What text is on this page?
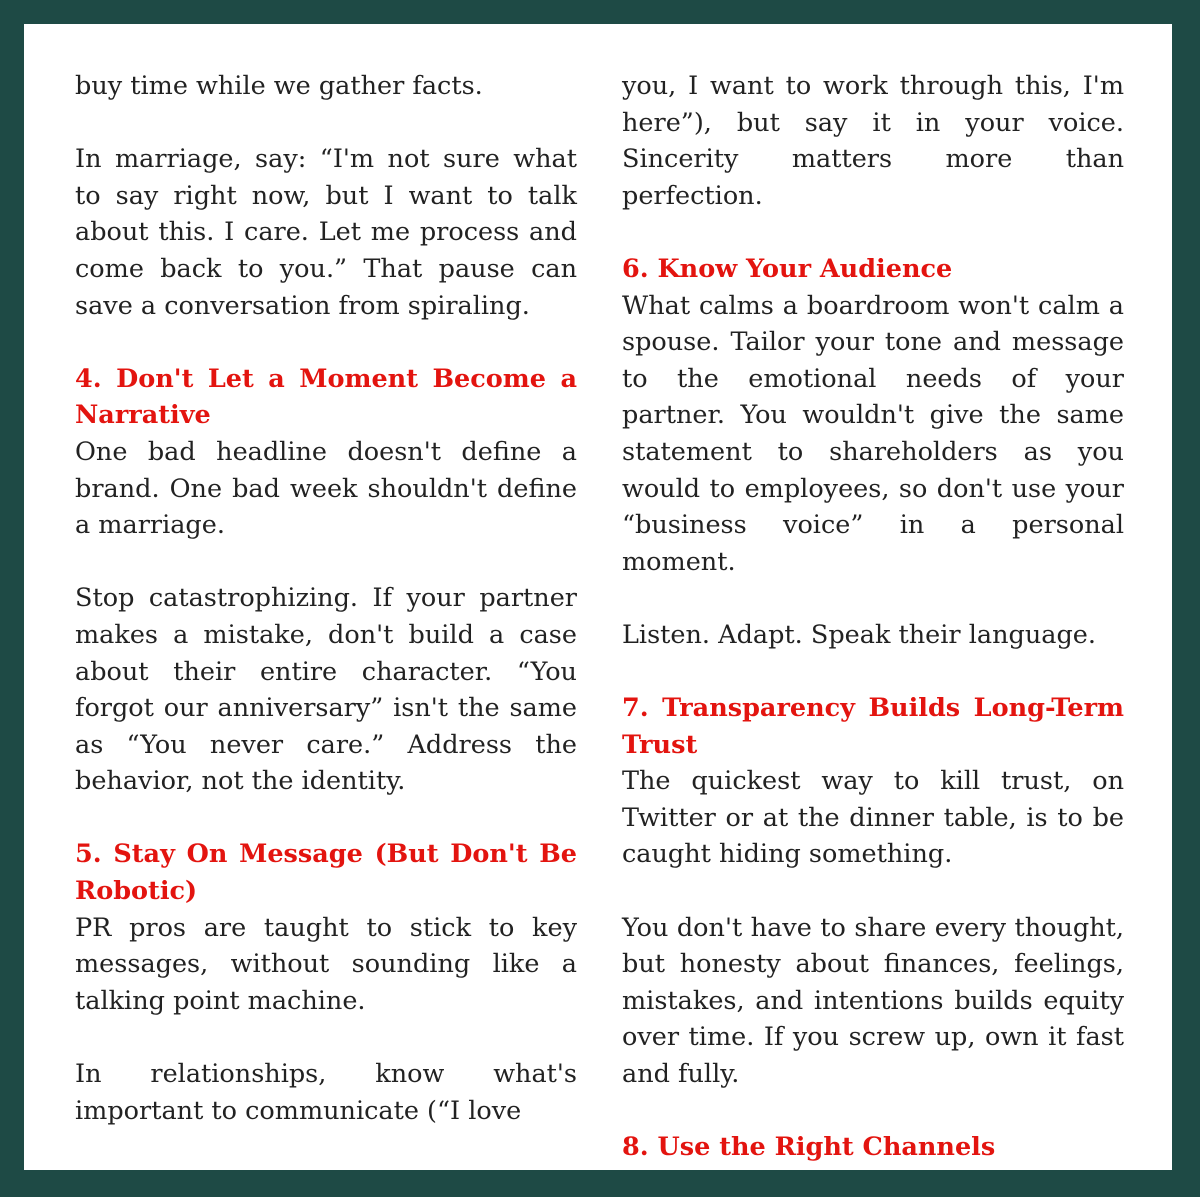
buy time while we gather facts.

In marriage, say: “I'm not sure what to say right now, but I want to talk about this. I care. Let me process and come back to you.” That pause can save a conversation from spiraling.

4. Don't Let a Moment Become a Narrative

One bad headline doesn't define a brand. One bad week shouldn't define a marriage.

Stop catastrophizing. If your partner makes a mistake, don't build a case about their entire character. “You forgot our anniversary” isn't the same as “You never care.” Address the behavior, not the identity.

5. Stay On Message (But Don't Be Robotic)

PR pros are taught to stick to key messages, without sounding like a talking point machine.

In relationships, know what's important to communicate (“I love

you, I want to work through this, I'm here”), but say it in your voice. Sincerity matters more than perfection.

6. Know Your Audience

What calms a boardroom won't calm a spouse. Tailor your tone and message to the emotional needs of your partner. You wouldn't give the same statement to shareholders as you would to employees, so don't use your “business voice” in a personal moment.

Listen. Adapt. Speak their language.

7. Transparency Builds Long-Term Trust

The quickest way to kill trust, on Twitter or at the dinner table, is to be caught hiding something.

You don't have to share every thought, but honesty about finances, feelings, mistakes, and intentions builds equity over time. If you screw up, own it fast and fully.

8. Use the Right Channels
